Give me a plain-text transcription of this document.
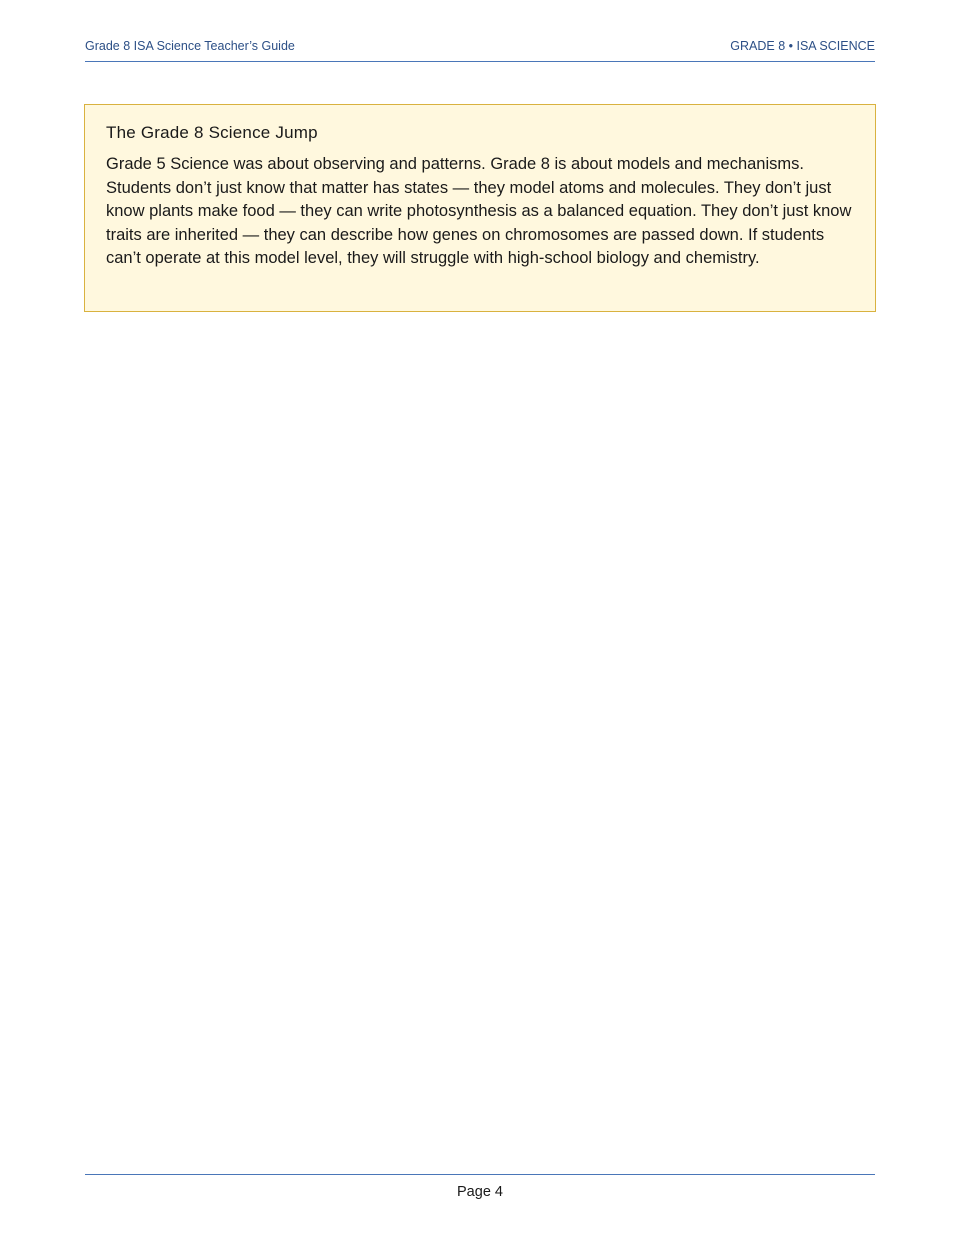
Grade 8 ISA Science Teacher’s Guide	GRADE 8 • ISA SCIENCE
The Grade 8 Science Jump

Grade 5 Science was about observing and patterns. Grade 8 is about models and mechanisms. Students don’t just know that matter has states — they model atoms and molecules. They don’t just know plants make food — they can write photosynthesis as a balanced equation. They don’t just know traits are inherited — they can describe how genes on chromosomes are passed down. If students can’t operate at this model level, they will struggle with high-school biology and chemistry.

Page 4
